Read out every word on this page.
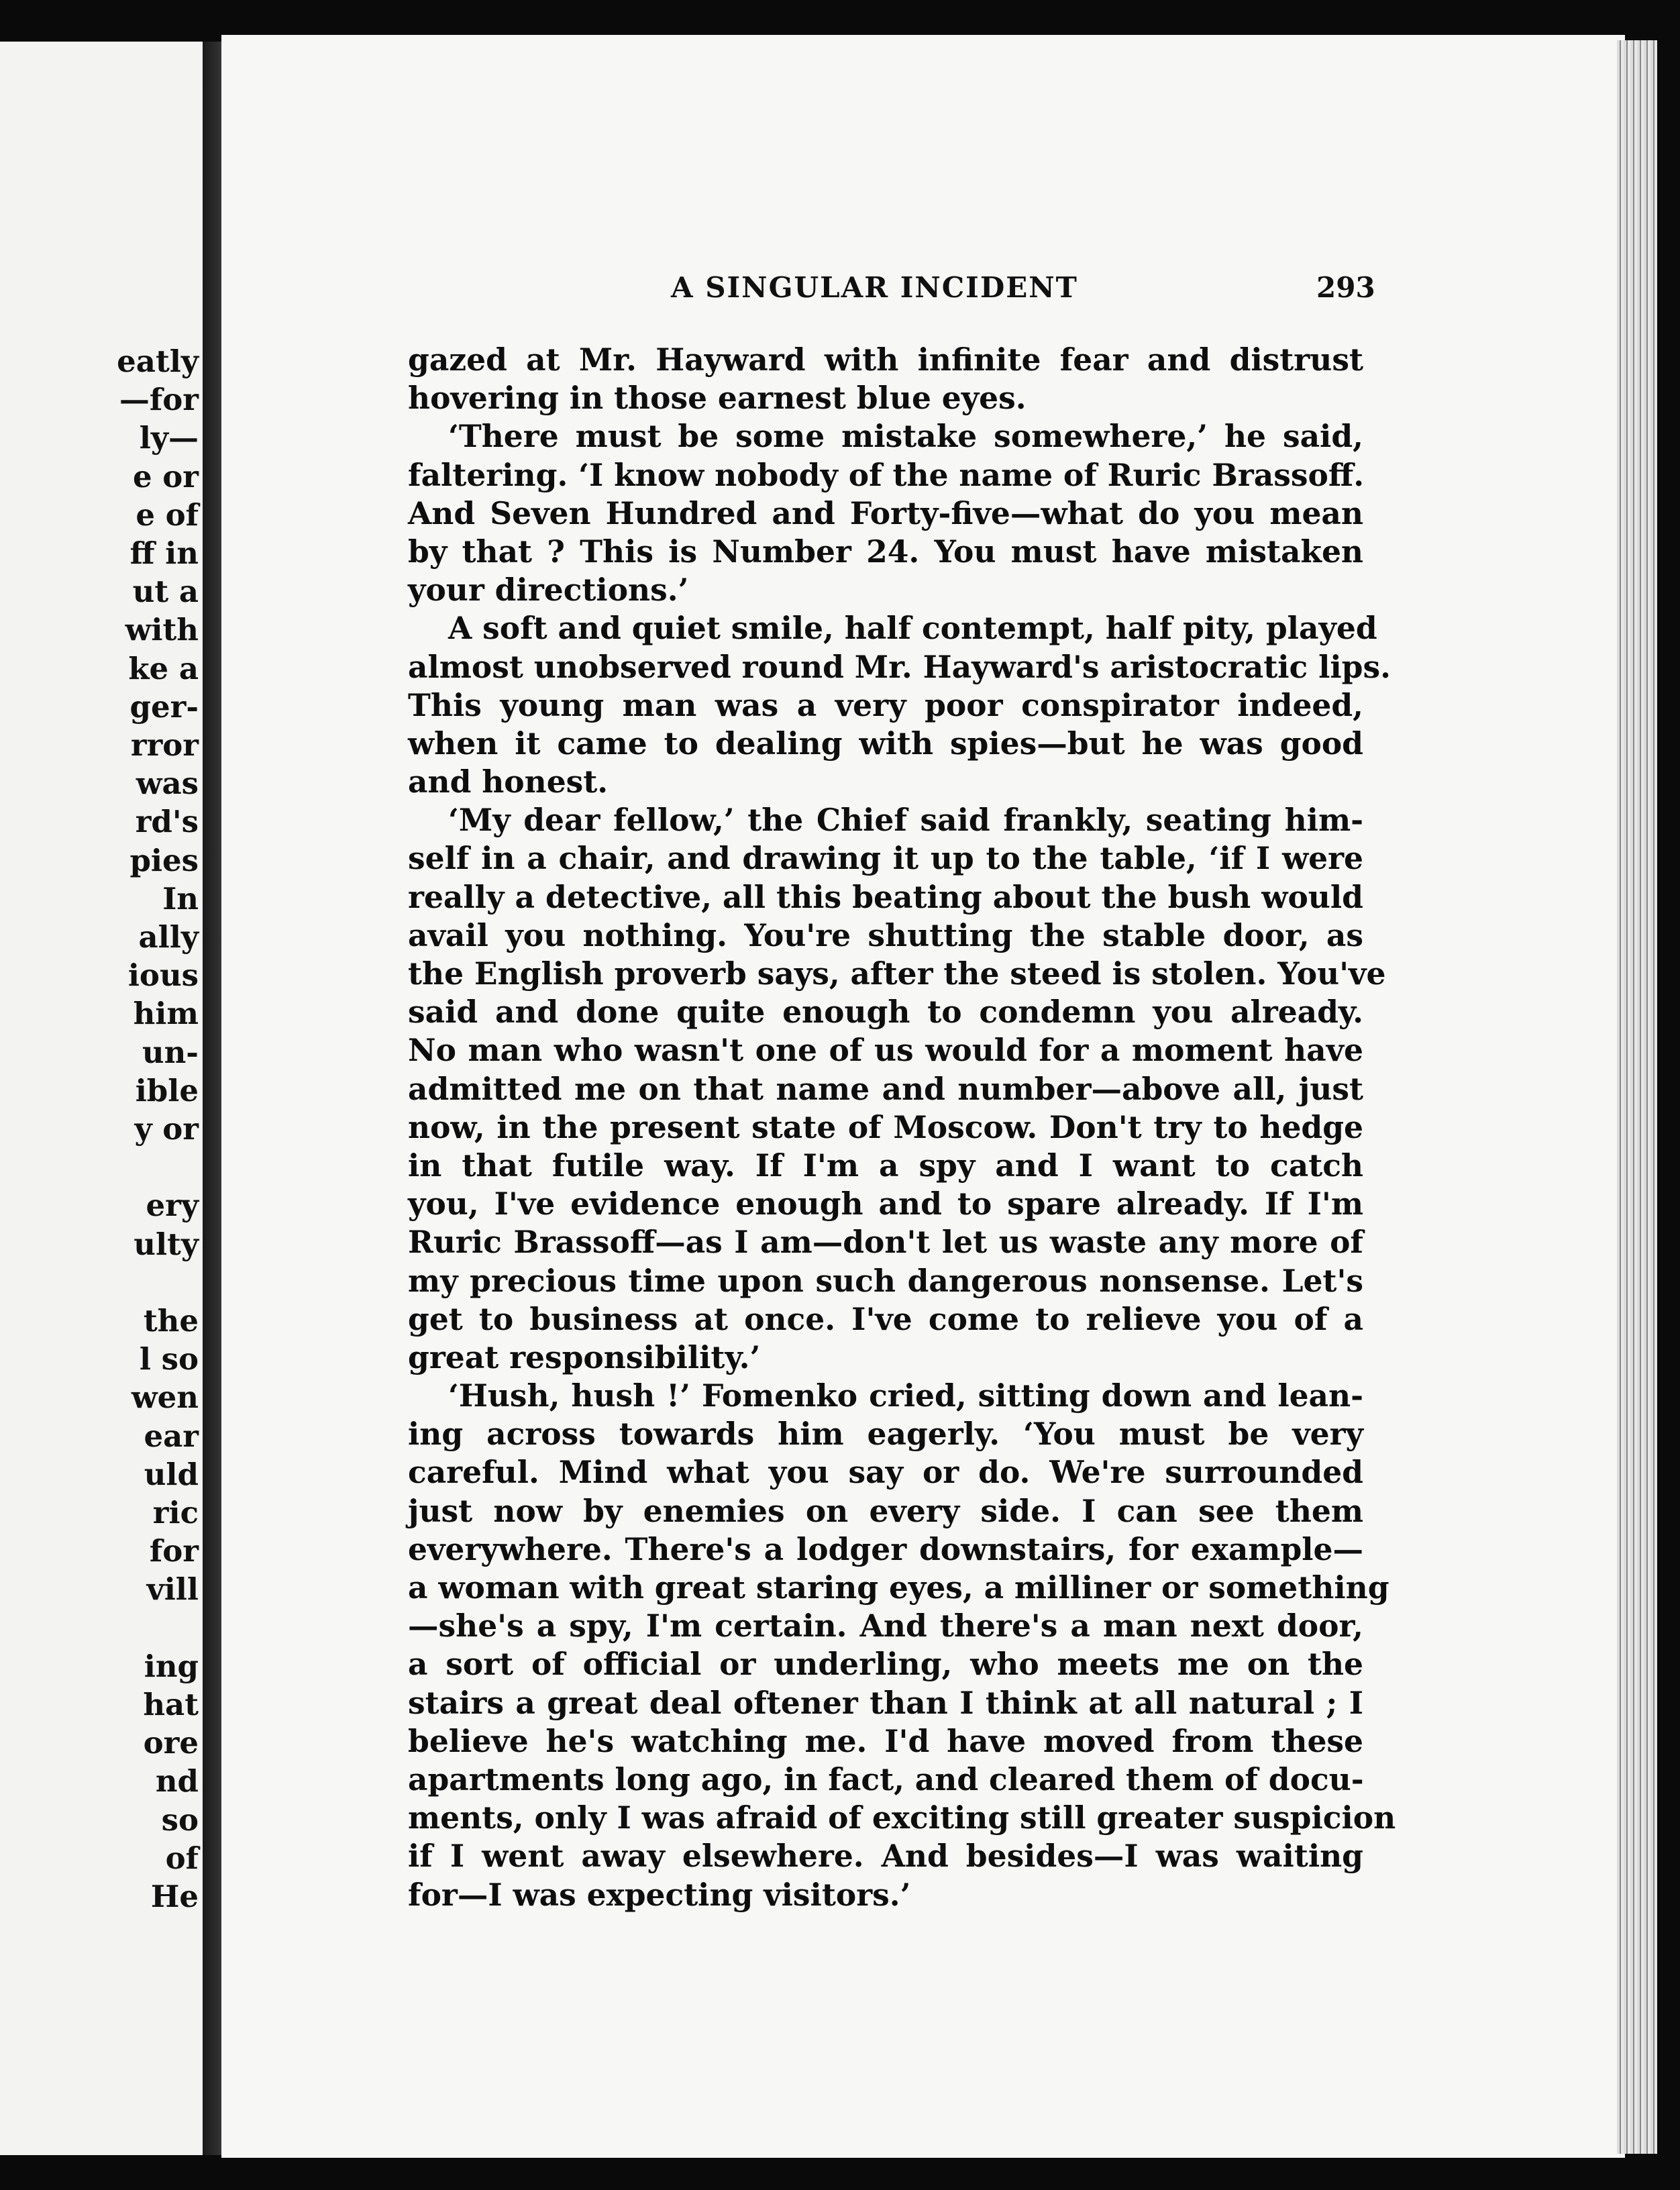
eatly

—for

ly—

e or

e of

ff in

ut a

with

ke a

ger-

rror

was

rd's

pies

In

ally

ious

him

un-

ible

y or

ery

ulty

the

l so

wen

ear

uld

ric

for

vill

ing

hat

ore

nd

so

of

He

A SINGULAR INCIDENT	293

gazed at Mr. Hayward with infinite fear and distrust
hovering in those earnest blue eyes.
‘There must be some mistake somewhere,’ he said,
faltering. ‘I know nobody of the name of Ruric Brassoff.
And Seven Hundred and Forty-five—what do you mean
by that ? This is Number 24. You must have mistaken
your directions.’
A soft and quiet smile, half contempt, half pity, played
almost unobserved round Mr. Hayward's aristocratic lips.
This young man was a very poor conspirator indeed,
when it came to dealing with spies—but he was good
and honest.
‘My dear fellow,’ the Chief said frankly, seating him-
self in a chair, and drawing it up to the table, ‘if I were
really a detective, all this beating about the bush would
avail you nothing. You're shutting the stable door, as
the English proverb says, after the steed is stolen. You've
said and done quite enough to condemn you already.
No man who wasn't one of us would for a moment have
admitted me on that name and number—above all, just
now, in the present state of Moscow. Don't try to hedge
in that futile way. If I'm a spy and I want to catch
you, I've evidence enough and to spare already. If I'm
Ruric Brassoff—as I am—don't let us waste any more of
my precious time upon such dangerous nonsense. Let's
get to business at once. I've come to relieve you of a
great responsibility.’
‘Hush, hush !’ Fomenko cried, sitting down and lean-
ing across towards him eagerly. ‘You must be very
careful. Mind what you say or do. We're surrounded
just now by enemies on every side. I can see them
everywhere. There's a lodger downstairs, for example—
a woman with great staring eyes, a milliner or something
—she's a spy, I'm certain. And there's a man next door,
a sort of official or underling, who meets me on the
stairs a great deal oftener than I think at all natural ; I
believe he's watching me. I'd have moved from these
apartments long ago, in fact, and cleared them of docu-
ments, only I was afraid of exciting still greater suspicion
if I went away elsewhere. And besides—I was waiting
for—I was expecting visitors.’
